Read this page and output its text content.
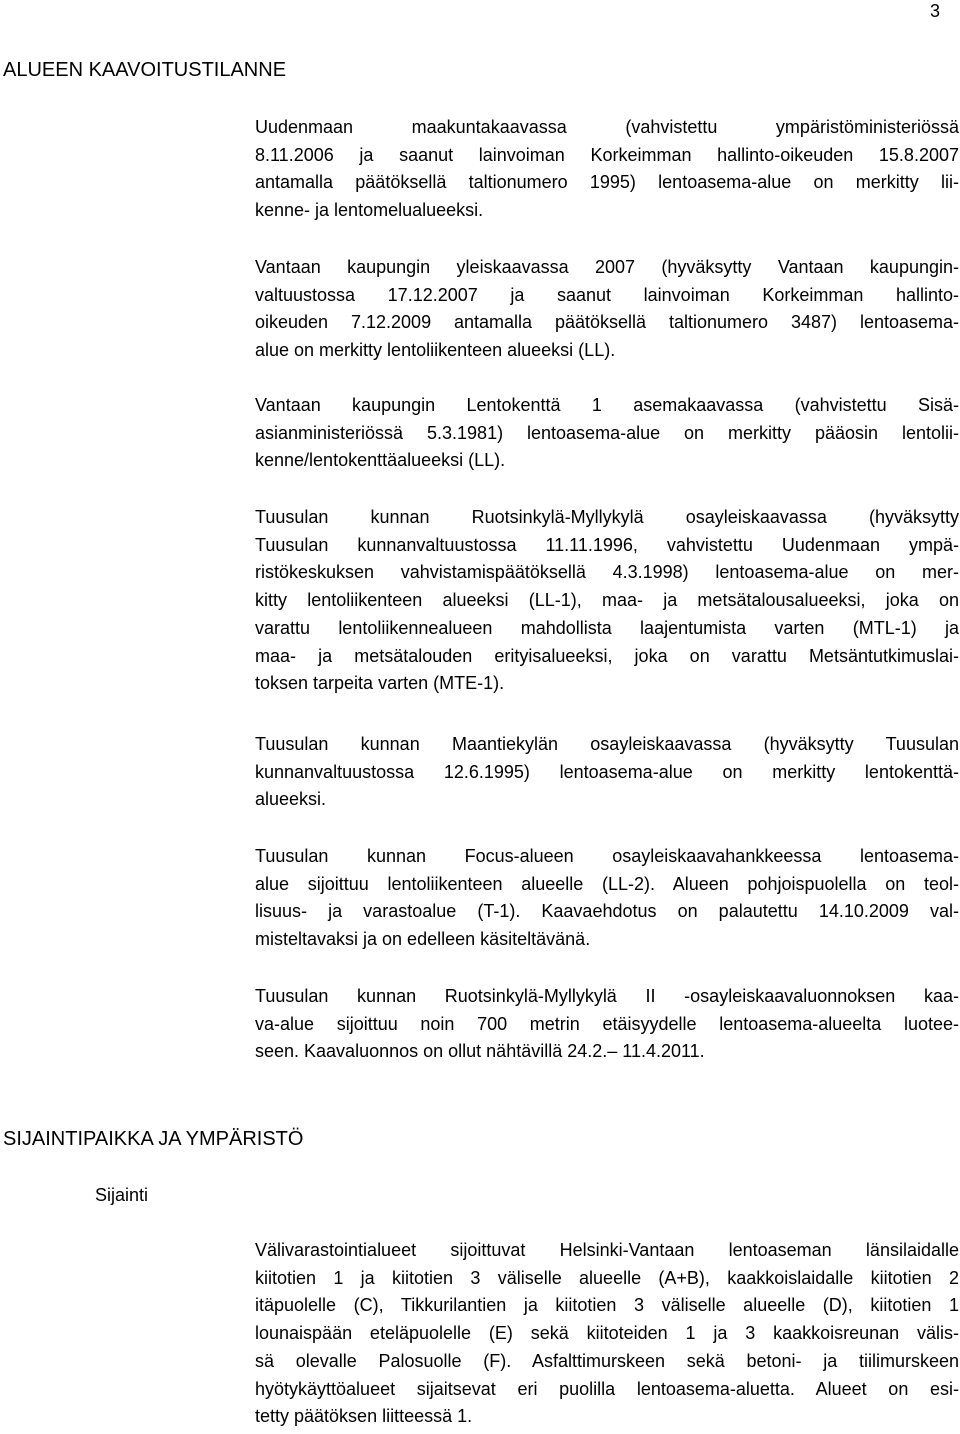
3
ALUEEN KAAVOITUSTILANNE

Uudenmaan maakuntakaavassa (vahvistettu ympäristöministeriössä
8.11.2006 ja saanut lainvoiman Korkeimman hallinto-oikeuden 15.8.2007
antamalla päätöksellä taltionumero 1995) lentoasema-alue on merkitty lii-
kenne- ja lentomelualueeksi.

Vantaan kaupungin yleiskaavassa 2007 (hyväksytty Vantaan kaupungin-
valtuustossa 17.12.2007 ja saanut lainvoiman Korkeimman hallinto-
oikeuden 7.12.2009 antamalla päätöksellä taltionumero 3487) lentoasema-
alue on merkitty lentoliikenteen alueeksi (LL).

Vantaan kaupungin Lentokenttä 1 asemakaavassa (vahvistettu Sisä-
asianministeriössä 5.3.1981) lentoasema-alue on merkitty pääosin lentolii-
kenne/lentokenttäalueeksi (LL).

Tuusulan kunnan Ruotsinkylä-Myllykylä osayleiskaavassa (hyväksytty
Tuusulan kunnanvaltuustossa 11.11.1996, vahvistettu Uudenmaan ympä-
ristökeskuksen vahvistamispäätöksellä 4.3.1998) lentoasema-alue on mer-
kitty lentoliikenteen alueeksi (LL-1), maa- ja metsätalousalueeksi, joka on
varattu lentoliikennealueen mahdollista laajentumista varten (MTL-1) ja
maa- ja metsätalouden erityisalueeksi, joka on varattu Metsäntutkimuslai-
toksen tarpeita varten (MTE-1).

Tuusulan kunnan Maantiekylän osayleiskaavassa (hyväksytty Tuusulan
kunnanvaltuustossa 12.6.1995) lentoasema-alue on merkitty lentokenttä-
alueeksi.

Tuusulan kunnan Focus-alueen osayleiskaavahankkeessa lentoasema-
alue sijoittuu lentoliikenteen alueelle (LL-2). Alueen pohjoispuolella on teol-
lisuus- ja varastoalue (T-1). Kaavaehdotus on palautettu 14.10.2009 val-
misteltavaksi ja on edelleen käsiteltävänä.

Tuusulan kunnan Ruotsinkylä-Myllykylä II -osayleiskaavaluonnoksen kaa-
va-alue sijoittuu noin 700 metrin etäisyydelle lentoasema-alueelta luotee-
seen. Kaavaluonnos on ollut nähtävillä 24.2.– 11.4.2011.

SIJAINTIPAIKKA JA YMPÄRISTÖ
Sijainti

Välivarastointialueet sijoittuvat Helsinki-Vantaan lentoaseman länsilaidalle
kiitotien 1 ja kiitotien 3 väliselle alueelle (A+B), kaakkoislaidalle kiitotien 2
itäpuolelle (C), Tikkurilantien ja kiitotien 3 väliselle alueelle (D), kiitotien 1
lounaispään eteläpuolelle (E) sekä kiitoteiden 1 ja 3 kaakkoisreunan välis-
sä olevalle Palosuolle (F). Asfalttimurskeen sekä betoni- ja tiilimurskeen
hyötykäyttöalueet sijaitsevat eri puolilla lentoasema-aluetta. Alueet on esi-
tetty päätöksen liitteessä 1.
